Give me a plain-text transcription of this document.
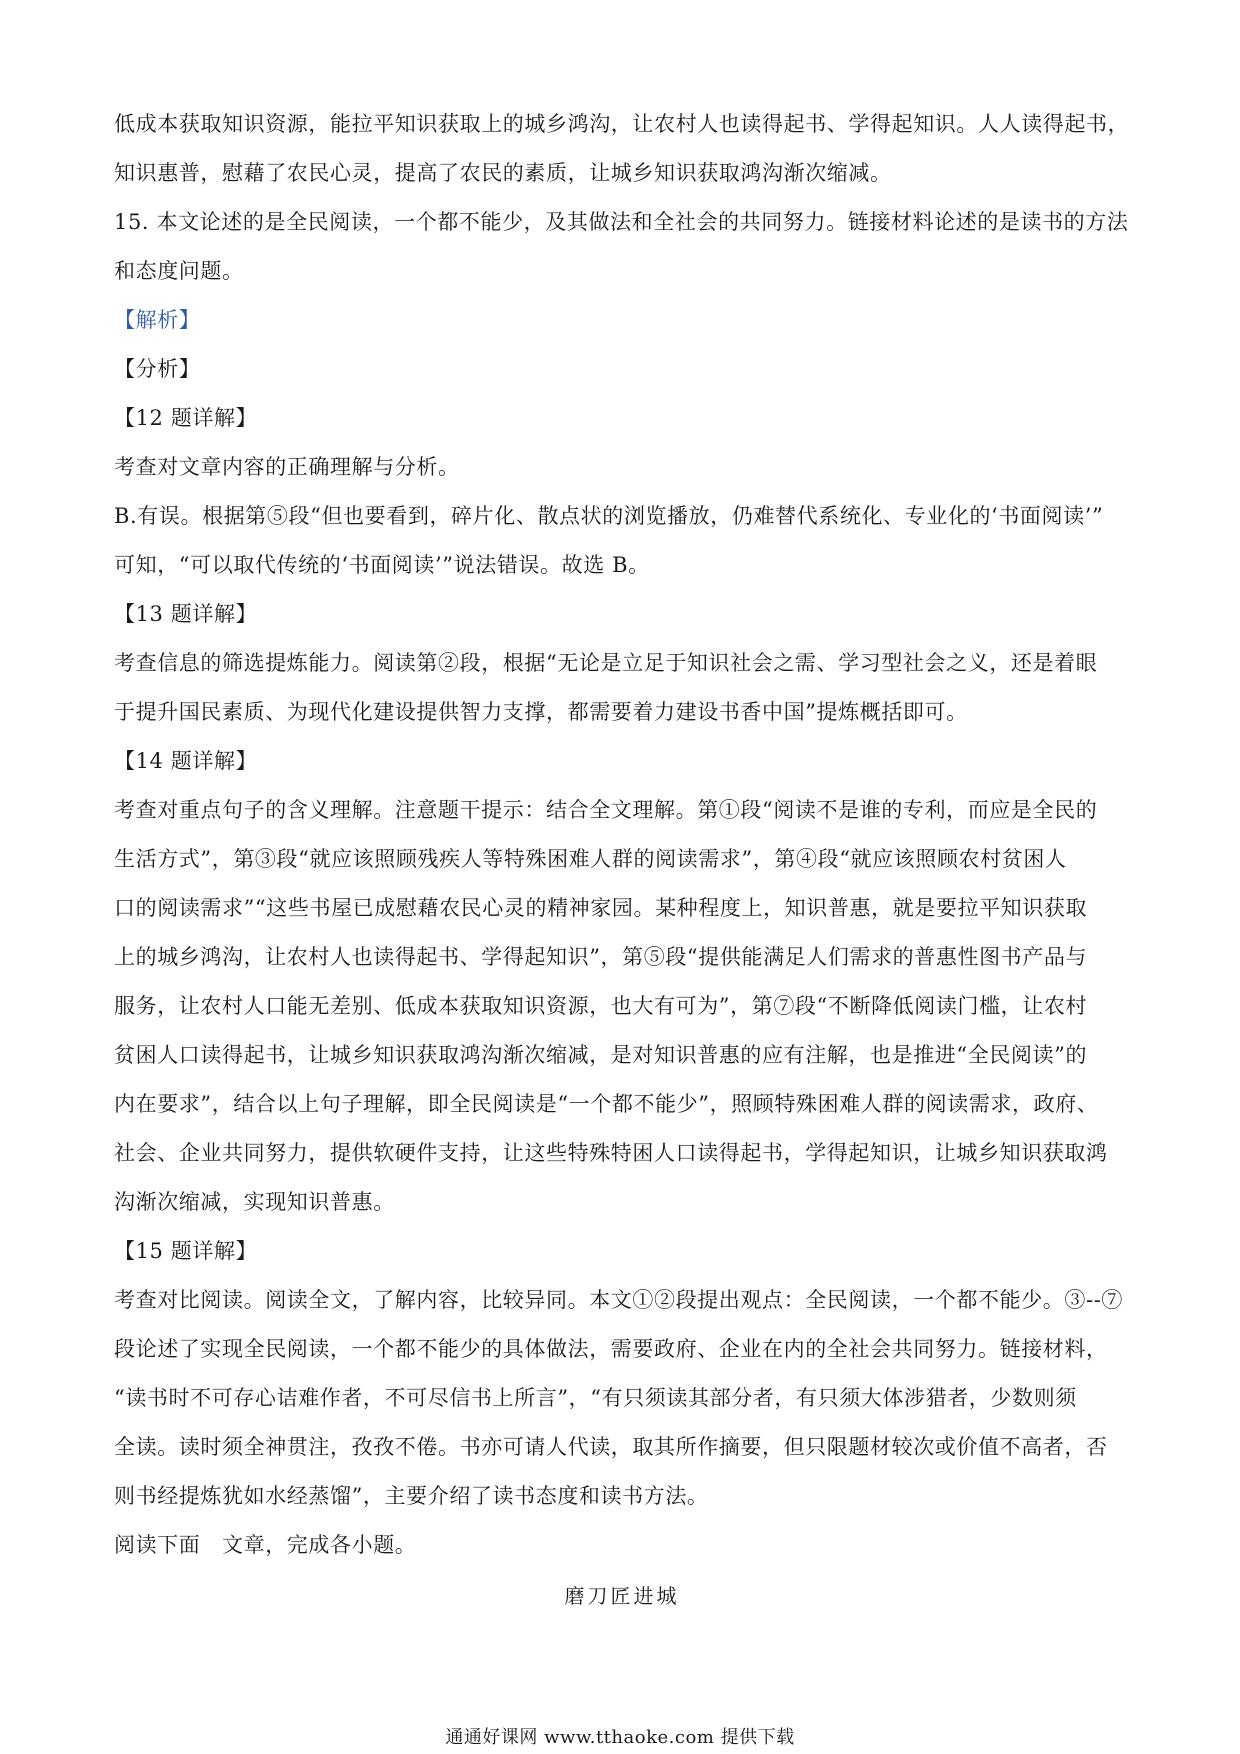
低成本获取知识资源，能拉平知识获取上的城乡鸿沟，让农村人也读得起书、学得起知识。人人读得起书，
知识惠普，慰藉了农民心灵，提高了农民的素质，让城乡知识获取鸿沟渐次缩减。
15. 本文论述的是全民阅读，一个都不能少，及其做法和全社会的共同努力。链接材料论述的是读书的方法
和态度问题。
【解析】
【分析】
【12 题详解】
考查对文章内容的正确理解与分析。
B.有误。根据第⑤段“但也要看到，碎片化、散点状的浏览播放，仍难替代系统化、专业化的‘书面阅读’”
可知，“可以取代传统的‘书面阅读’”说法错误。故选 B。
【13 题详解】
考查信息的筛选提炼能力。阅读第②段，根据“无论是立足于知识社会之需、学习型社会之义，还是着眼
于提升国民素质、为现代化建设提供智力支撑，都需要着力建设书香中国”提炼概括即可。
【14 题详解】
考查对重点句子的含义理解。注意题干提示：结合全文理解。第①段“阅读不是谁的专利，而应是全民的
生活方式”，第③段“就应该照顾残疾人等特殊困难人群的阅读需求”，第④段“就应该照顾农村贫困人
口的阅读需求”“这些书屋已成慰藉农民心灵的精神家园。某种程度上，知识普惠，就是要拉平知识获取
上的城乡鸿沟，让农村人也读得起书、学得起知识”，第⑤段“提供能满足人们需求的普惠性图书产品与
服务，让农村人口能无差别、低成本获取知识资源，也大有可为”，第⑦段“不断降低阅读门槛，让农村
贫困人口读得起书，让城乡知识获取鸿沟渐次缩减，是对知识普惠的应有注解，也是推进“全民阅读”的
内在要求”，结合以上句子理解，即全民阅读是“一个都不能少”，照顾特殊困难人群的阅读需求，政府、
社会、企业共同努力，提供软硬件支持，让这些特殊特困人口读得起书，学得起知识，让城乡知识获取鸿
沟渐次缩减，实现知识普惠。
【15 题详解】
考查对比阅读。阅读全文，了解内容，比较异同。本文①②段提出观点：全民阅读，一个都不能少。③--⑦
段论述了实现全民阅读，一个都不能少的具体做法，需要政府、企业在内的全社会共同努力。链接材料，
“读书时不可存心诘难作者，不可尽信书上所言”，“有只须读其部分者，有只须大体涉猎者，少数则须
全读。读时须全神贯注，孜孜不倦。书亦可请人代读，取其所作摘要，但只限题材较次或价值不高者，否
则书经提炼犹如水经蒸馏”，主要介绍了读书态度和读书方法。
阅读下面　文章，完成各小题。
磨刀匠进城
通通好课网 www.tthaoke.com 提供下载
